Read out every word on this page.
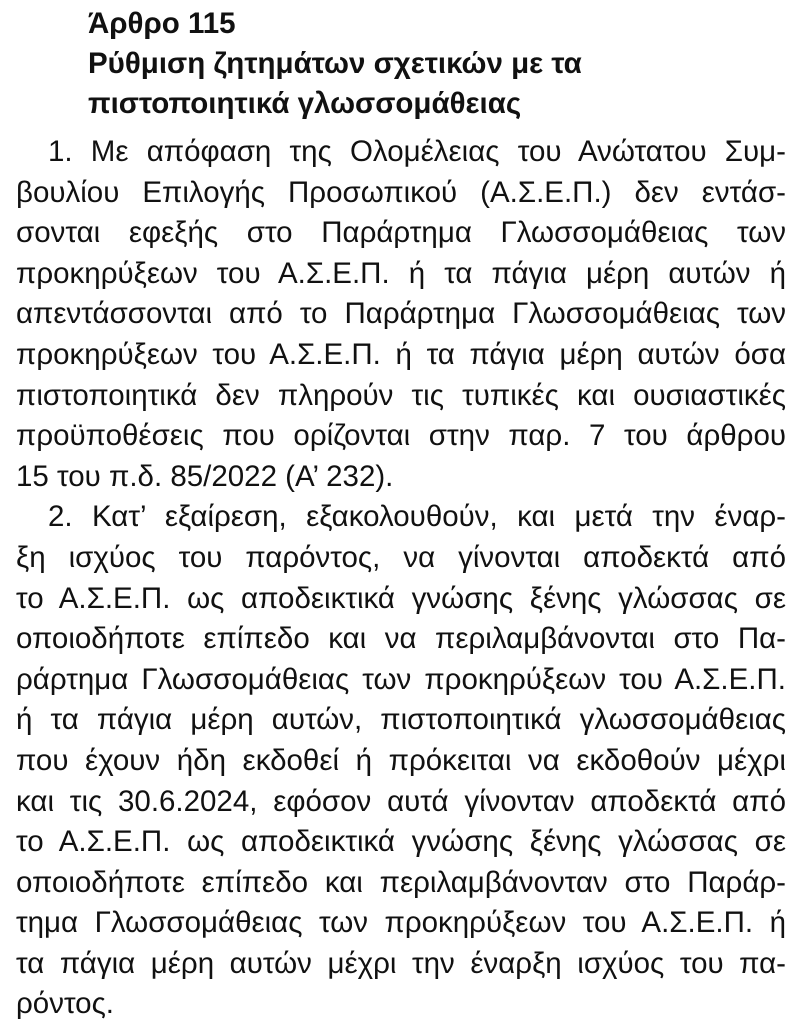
Άρθρο 115
Ρύθμιση ζητημάτων σχετικών με τα
πιστοποιητικά γλωσσομάθειας
1. Με απόφαση της Ολομέλειας του Ανώτατου Συμ-
βουλίου Επιλογής Προσωπικού (Α.Σ.Ε.Π.) δεν εντάσ-
σονται εφεξής στο Παράρτημα Γλωσσομάθειας των
προκηρύξεων του Α.Σ.Ε.Π. ή τα πάγια μέρη αυτών ή
απεντάσσονται από το Παράρτημα Γλωσσομάθειας των
προκηρύξεων του Α.Σ.Ε.Π. ή τα πάγια μέρη αυτών όσα
πιστοποιητικά δεν πληρούν τις τυπικές και ουσιαστικές
προϋποθέσεις που ορίζονται στην παρ. 7 του άρθρου
15 του π.δ. 85/2022 (Α’ 232).
2. Κατ’ εξαίρεση, εξακολουθούν, και μετά την έναρ-
ξη ισχύος του παρόντος, να γίνονται αποδεκτά από
το Α.Σ.Ε.Π. ως αποδεικτικά γνώσης ξένης γλώσσας σε
οποιοδήποτε επίπεδο και να περιλαμβάνονται στο Πα-
ράρτημα Γλωσσομάθειας των προκηρύξεων του Α.Σ.Ε.Π.
ή τα πάγια μέρη αυτών, πιστοποιητικά γλωσσομάθειας
που έχουν ήδη εκδοθεί ή πρόκειται να εκδοθούν μέχρι
και τις 30.6.2024, εφόσον αυτά γίνονταν αποδεκτά από
το Α.Σ.Ε.Π. ως αποδεικτικά γνώσης ξένης γλώσσας σε
οποιοδήποτε επίπεδο και περιλαμβάνονταν στο Παράρ-
τημα Γλωσσομάθειας των προκηρύξεων του Α.Σ.Ε.Π. ή
τα πάγια μέρη αυτών μέχρι την έναρξη ισχύος του πα-
ρόντος.
